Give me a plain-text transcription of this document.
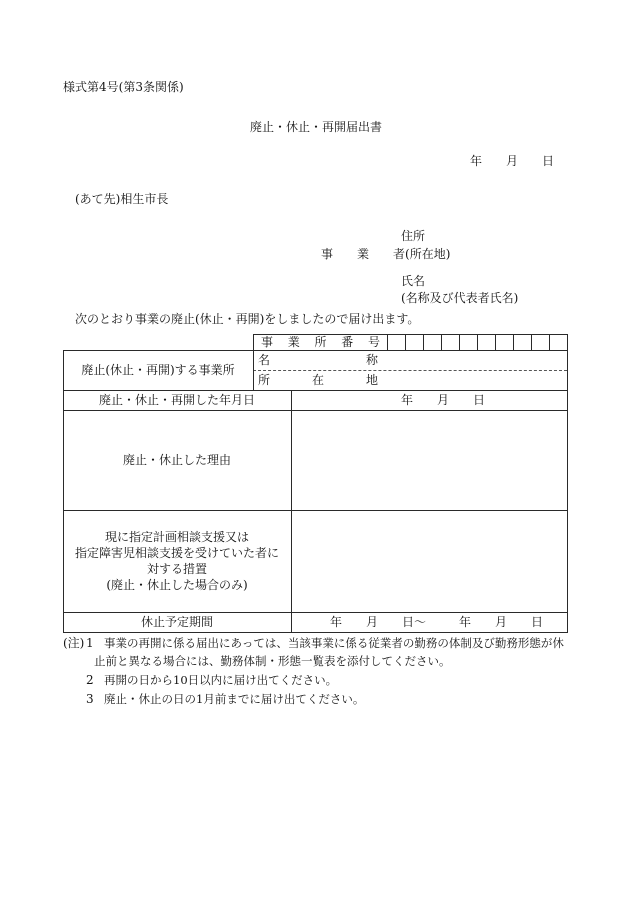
様式第4号(第3条関係)
廃止・休止・再開届出書
年　　月　　日
(あて先)相生市長
住所
事　　業　　者(所在地)
氏名
(名称及び代表者氏名)
次のとおり事業の廃止(休止・再開)をしましたので届け出ます。
事　業　所　番　号
廃止(休止・再開)する事業所
名　称
所　在　地
廃止・休止・再開した年月日	年　　月　　日
廃止・休止した理由
現に指定計画相談支援又は
指定障害児相談支援を受けていた者に
対する措置
(廃止・休止した場合のみ)
休止予定期間	年　　月　　日〜	年　　月　　日
(注) 1 事業の再開に係る届出にあっては、当該事業に係る従業者の勤務の体制及び勤務形態が休
止前と異なる場合には、勤務体制・形態一覧表を添付してください。
2 再開の日から10日以内に届け出てください。
3 廃止・休止の日の1月前までに届け出てください。
